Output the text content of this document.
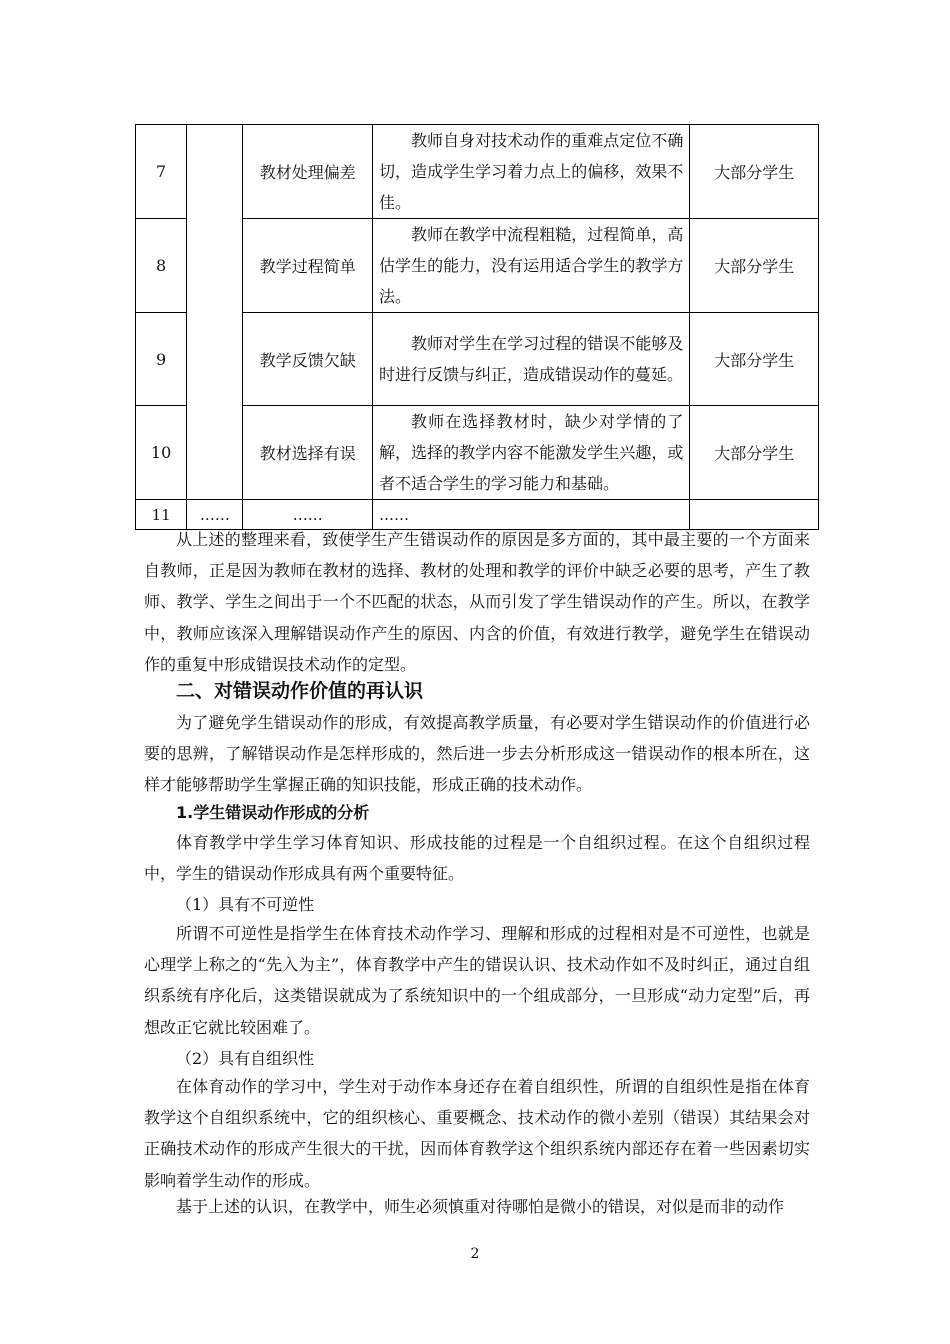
7		教材处理偏差	教师自身对技术动作的重难点定位不确切，造成学生学习着力点上的偏移，效果不佳。	大部分学生
8		教学过程简单	教师在教学中流程粗糙，过程简单，高估学生的能力，没有运用适合学生的教学方法。	大部分学生
9		教学反馈欠缺	教师对学生在学习过程的错误不能够及时进行反馈与纠正，造成错误动作的蔓延。	大部分学生
10		教材选择有误	教师在选择教材时，缺少对学情的了解，选择的教学内容不能激发学生兴趣，或者不适合学生的学习能力和基础。	大部分学生
11	……	……	……	

从上述的整理来看，致使学生产生错误动作的原因是多方面的，其中最主要的一个方面来自教师，正是因为教师在教材的选择、教材的处理和教学的评价中缺乏必要的思考，产生了教师、教学、学生之间出于一个不匹配的状态，从而引发了学生错误动作的产生。所以，在教学中，教师应该深入理解错误动作产生的原因、内含的价值，有效进行教学，避免学生在错误动作的重复中形成错误技术动作的定型。

二、对错误动作价值的再认识

为了避免学生错误动作的形成，有效提高教学质量，有必要对学生错误动作的价值进行必要的思辨，了解错误动作是怎样形成的，然后进一步去分析形成这一错误动作的根本所在，这样才能够帮助学生掌握正确的知识技能，形成正确的技术动作。

1.学生错误动作形成的分析

体育教学中学生学习体育知识、形成技能的过程是一个自组织过程。在这个自组织过程中，学生的错误动作形成具有两个重要特征。

（1）具有不可逆性

所谓不可逆性是指学生在体育技术动作学习、理解和形成的过程相对是不可逆性，也就是心理学上称之的“先入为主”，体育教学中产生的错误认识、技术动作如不及时纠正，通过自组织系统有序化后，这类错误就成为了系统知识中的一个组成部分，一旦形成“动力定型”后，再想改正它就比较困难了。

（2）具有自组织性

在体育动作的学习中，学生对于动作本身还存在着自组织性，所谓的自组织性是指在体育教学这个自组织系统中，它的组织核心、重要概念、技术动作的微小差别（错误）其结果会对正确技术动作的形成产生很大的干扰，因而体育教学这个组织系统内部还存在着一些因素切实影响着学生动作的形成。

基于上述的认识，在教学中，师生必须慎重对待哪怕是微小的错误，对似是而非的动作

2
